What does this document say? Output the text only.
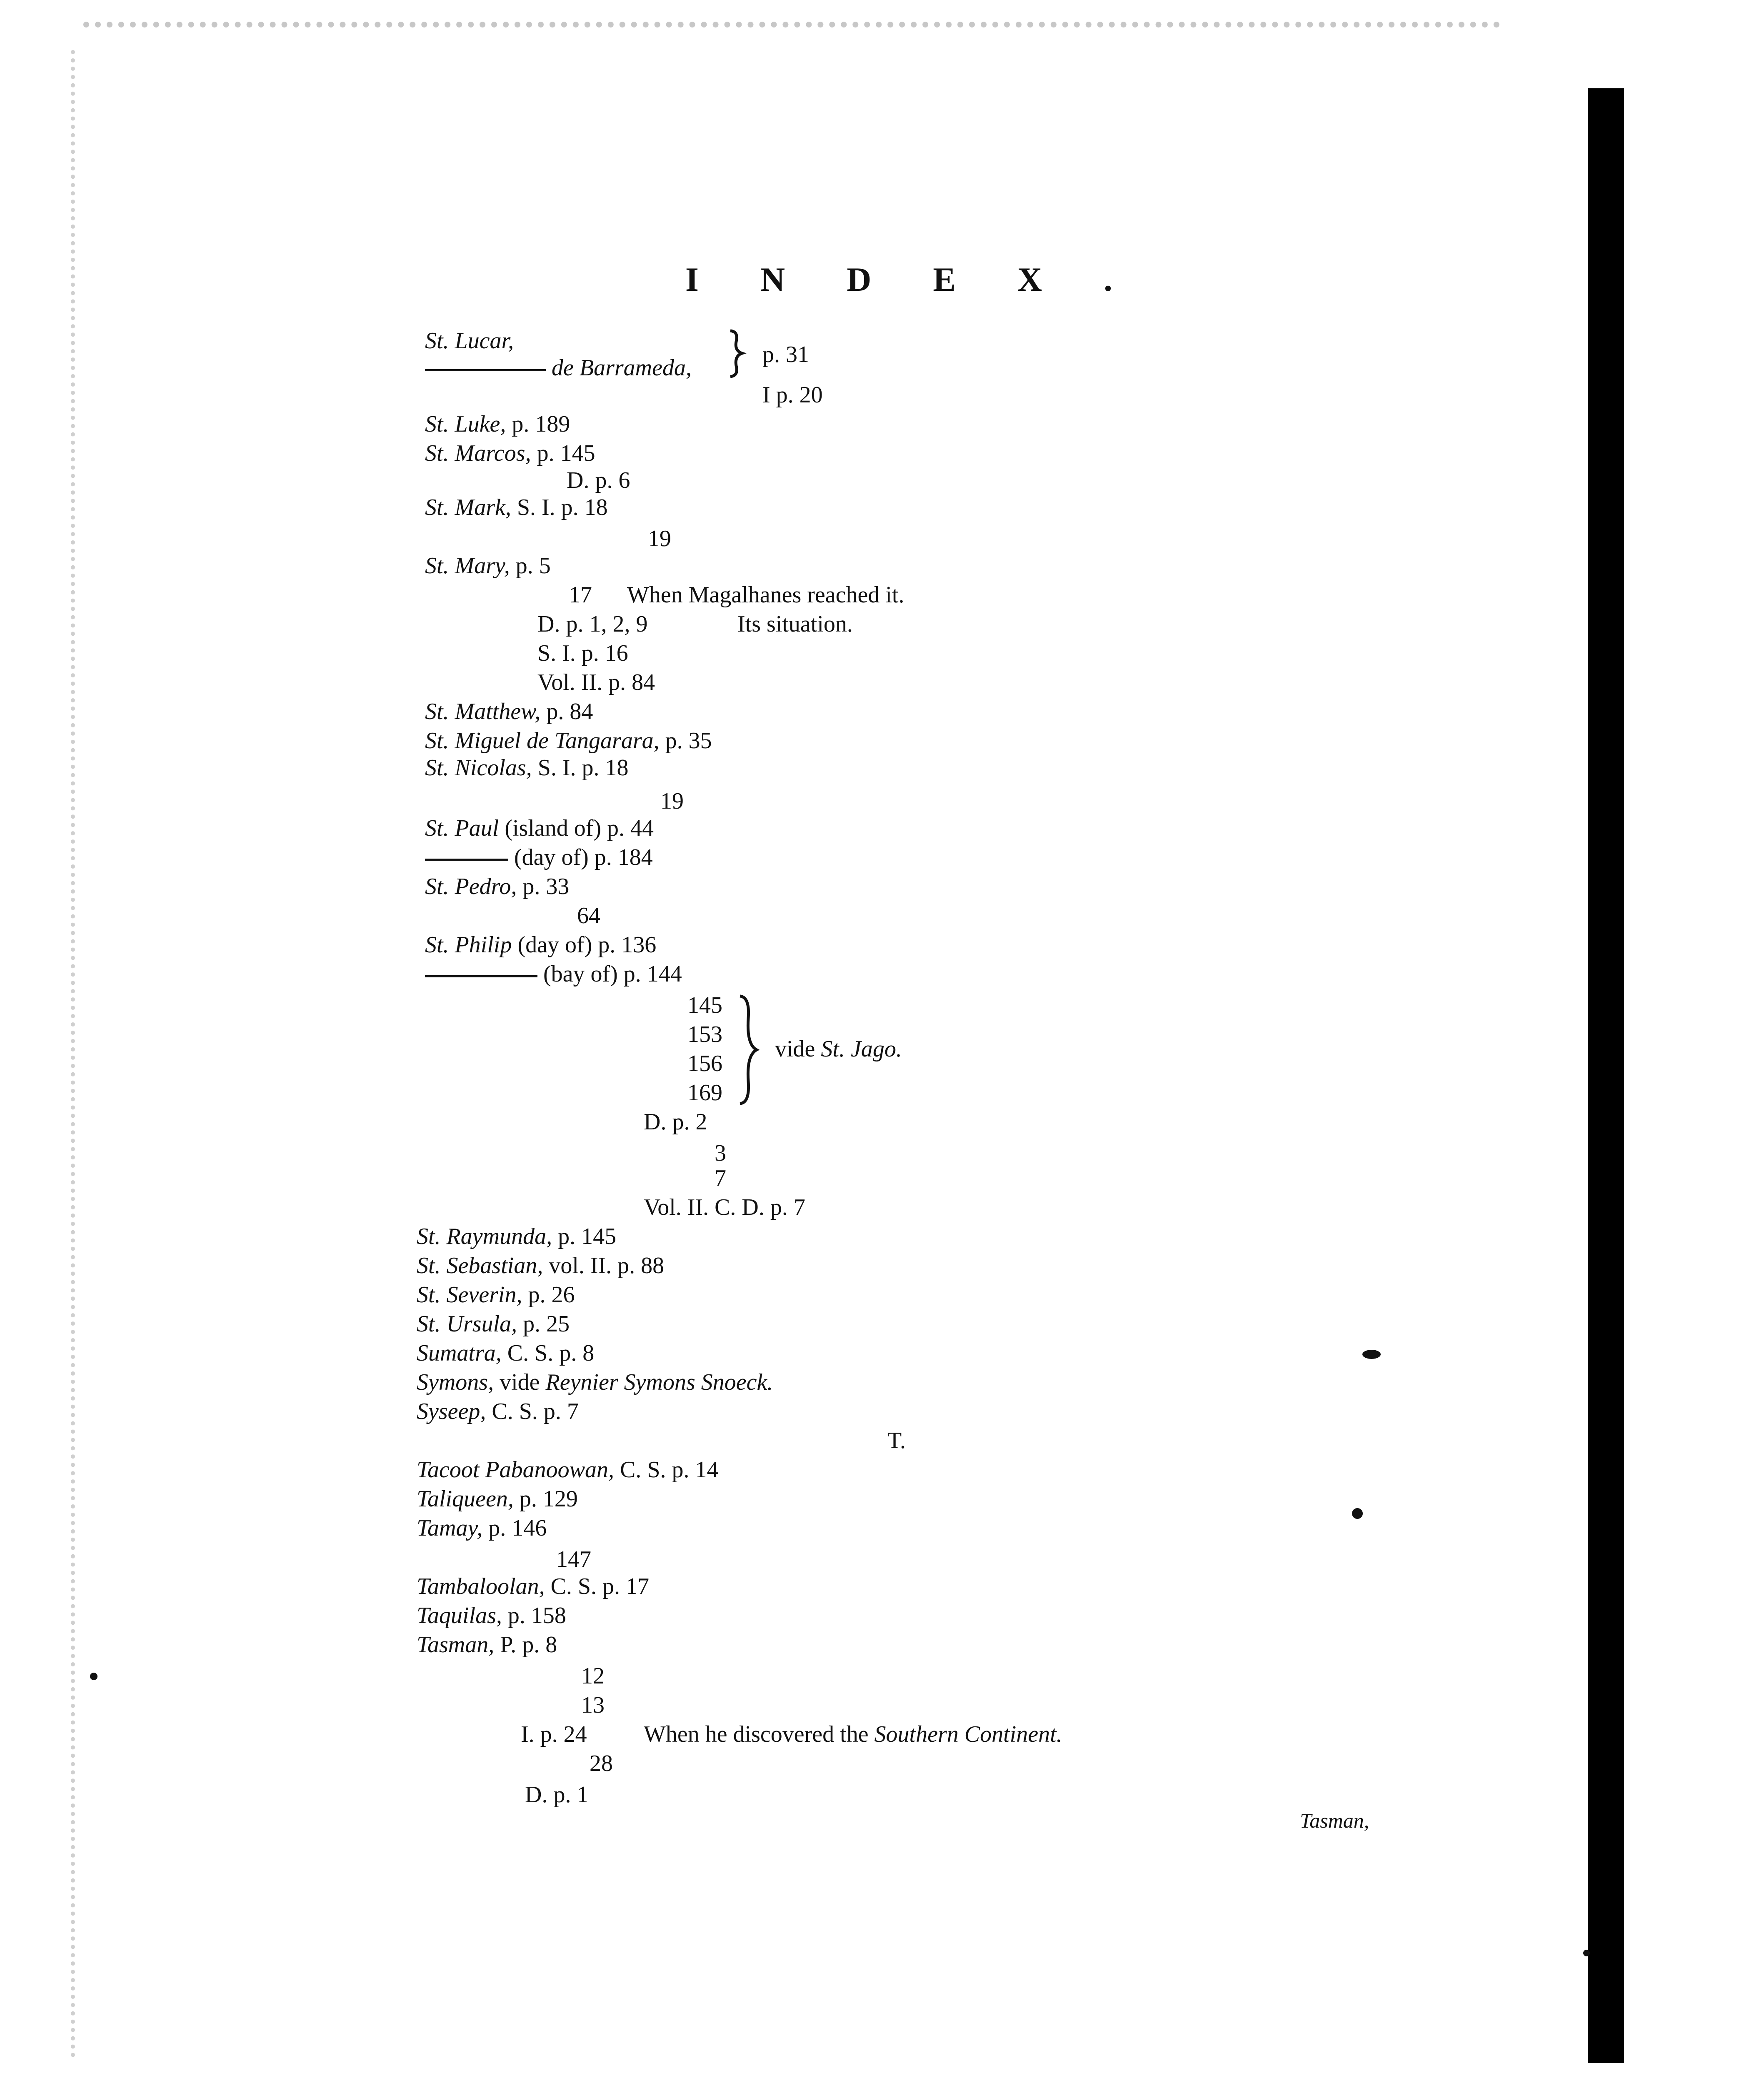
INDEX.
St. Lucar,
de Barrameda,
p. 31
I p. 20
St. Luke, p. 189
St. Marcos, p. 145
D. p. 6
St. Mark, S. I. p. 18
19
St. Mary, p. 5
17 When Magalhanes reached it.
D. p. 1, 2, 9	Its situation.
S. I. p. 16
Vol. II. p. 84
St. Matthew, p. 84
St. Miguel de Tangarara, p. 35
St. Nicolas, S. I. p. 18
19
St. Paul (island of) p. 44
(day of) p. 184
St. Pedro, p. 33
64
St. Philip (day of) p. 136
(bay of) p. 144
145
153
156
169
vide St. Jago.
D. p. 2
3
7
Vol. II. C. D. p. 7
St. Raymunda, p. 145
St. Sebastian, vol. II. p. 88
St. Severin, p. 26
St. Ursula, p. 25
Sumatra, C. S. p. 8
Symons, vide Reynier Symons Snoeck.
Syseep, C. S. p. 7
T.
Tacoot Pabanoowan, C. S. p. 14
Taliqueen, p. 129
Tamay, p. 146
147
Tambaloolan, C. S. p. 17
Taquilas, p. 158
Tasman, P. p. 8
12
13
I. p. 24 When he discovered the Southern Continent.
28
D. p. 1
Tasman,
